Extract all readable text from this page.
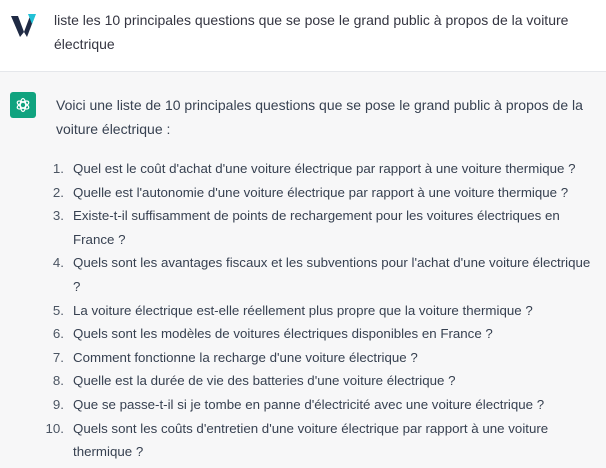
liste les 10 principales questions que se pose le grand public à propos de la voiture électrique

Voici une liste de 10 principales questions que se pose le grand public à propos de la voiture électrique :

1. Quel est le coût d'achat d'une voiture électrique par rapport à une voiture thermique ?
2. Quelle est l'autonomie d'une voiture électrique par rapport à une voiture thermique ?
3. Existe-t-il suffisamment de points de rechargement pour les voitures électriques en France ?
4. Quels sont les avantages fiscaux et les subventions pour l'achat d'une voiture électrique ?
5. La voiture électrique est-elle réellement plus propre que la voiture thermique ?
6. Quels sont les modèles de voitures électriques disponibles en France ?
7. Comment fonctionne la recharge d'une voiture électrique ?
8. Quelle est la durée de vie des batteries d'une voiture électrique ?
9. Que se passe-t-il si je tombe en panne d'électricité avec une voiture électrique ?
10. Quels sont les coûts d'entretien d'une voiture électrique par rapport à une voiture thermique ?
